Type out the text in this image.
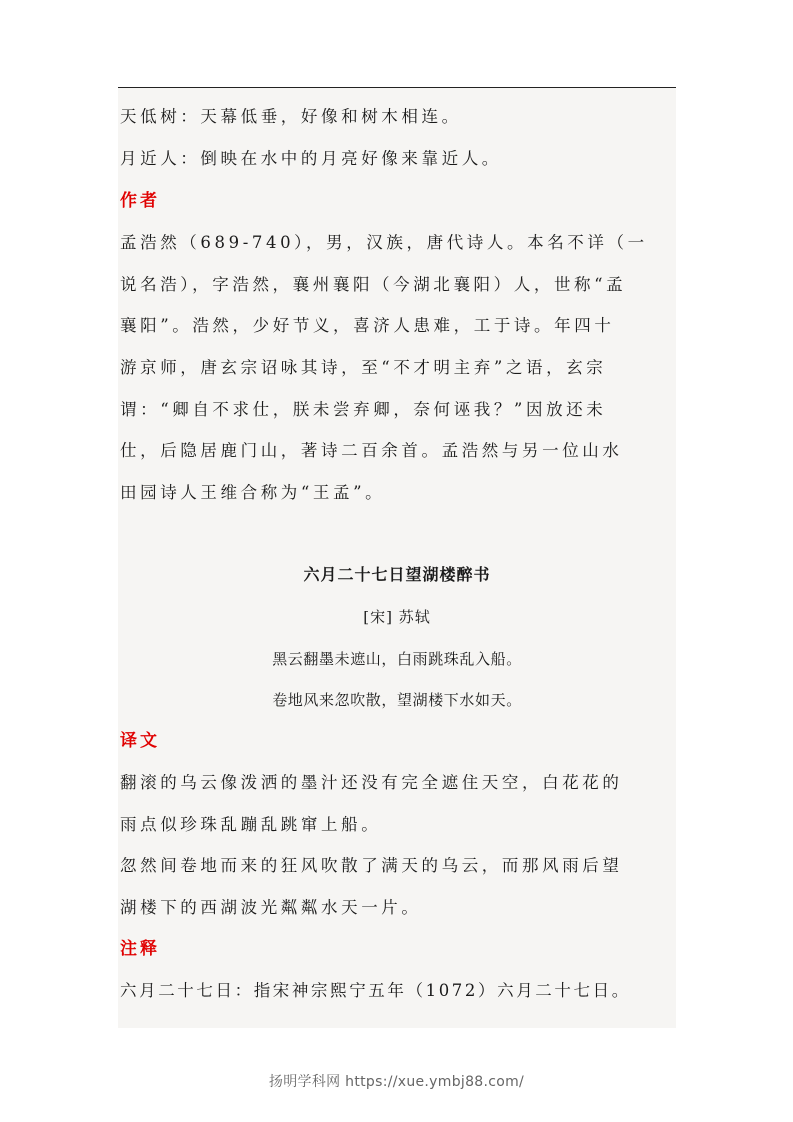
天低树：天幕低垂，好像和树木相连。
月近人：倒映在水中的月亮好像来靠近人。
作者
孟浩然（689-740），男，汉族，唐代诗人。本名不详（一
说名浩），字浩然，襄州襄阳（今湖北襄阳）人，世称“孟
襄阳”。浩然，少好节义，喜济人患难，工于诗。年四十
游京师，唐玄宗诏咏其诗，至“不才明主弃”之语，玄宗
谓：“卿自不求仕，朕未尝弃卿，奈何诬我？”因放还未
仕，后隐居鹿门山，著诗二百余首。孟浩然与另一位山水
田园诗人王维合称为“王孟”。
六月二十七日望湖楼醉书
[宋] 苏轼
黑云翻墨未遮山，白雨跳珠乱入船。
卷地风来忽吹散，望湖楼下水如天。
译文
翻滚的乌云像泼洒的墨汁还没有完全遮住天空，白花花的
雨点似珍珠乱蹦乱跳窜上船。
忽然间卷地而来的狂风吹散了满天的乌云，而那风雨后望
湖楼下的西湖波光粼粼水天一片。
注释
六月二十七日：指宋神宗熙宁五年（1072）六月二十七日。
扬明学科网 https://xue.ymbj88.com/
